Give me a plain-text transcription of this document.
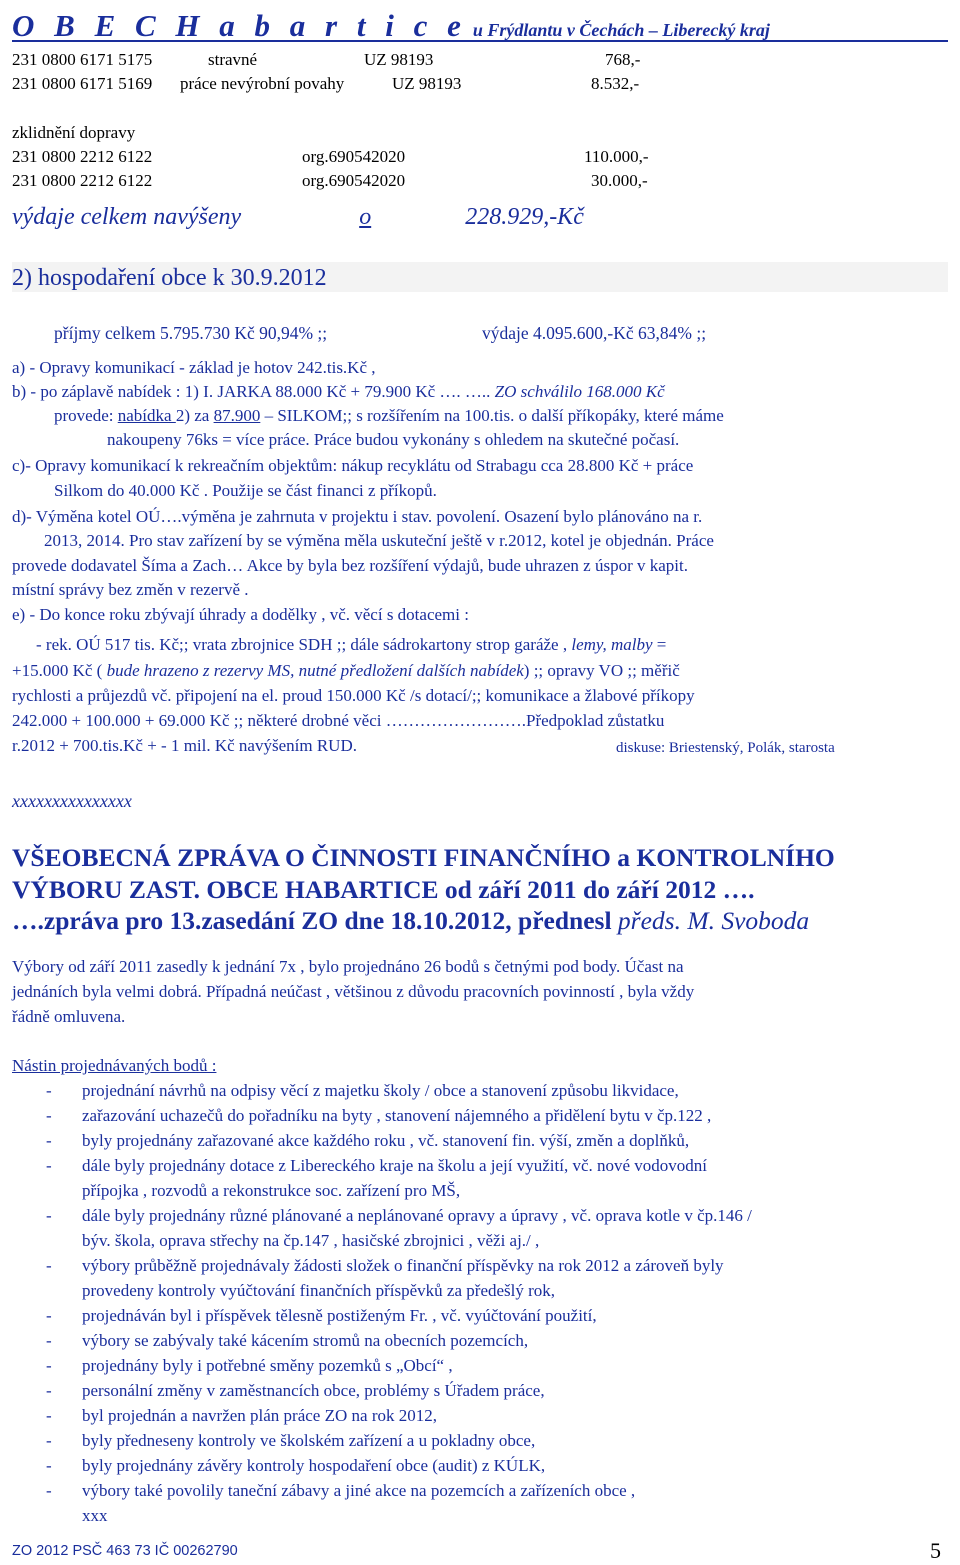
O B E C H a b a r t i c e u Frýdlantu v Čechách – Liberecký kraj
231 0800 6171 5175	stravné	UZ 98193	768,-
231 0800 6171 5169 práce nevýrobní povahy	UZ 98193	8.532,-
zklidnění dopravy
231 0800 2212 6122	org.690542020	110.000,-
231 0800 2212 6122	org.690542020	30.000,-
výdaje celkem navýšeny	o	228.929,-Kč
2) hospodaření obce k 30.9.2012
příjmy celkem 5.795.730 Kč 90,94% ;;	výdaje 4.095.600,-Kč 63,84% ;;
a) - Opravy komunikací - základ je hotov 242.tis.Kč ,
b) - po záplavě nabídek : 1) I. JARKA 88.000 Kč + 79.900 Kč …. ….. ZO schválilo 168.000 Kč
provede: nabídka 2) za 87.900 – SILKOM;; s rozšířením na 100.tis. o další příkopáky, které máme
nakoupeny 76ks = více práce. Práce budou vykonány s ohledem na skutečné počasí.
c)- Opravy komunikací k rekreačním objektům: nákup recyklátu od Strabagu cca 28.800 Kč + práce
Silkom do 40.000 Kč . Použije se část financi z příkopů.
d)- Výměna kotel OÚ….výměna je zahrnuta v projektu i stav. povolení. Osazení bylo plánováno na r.
2013, 2014. Pro stav zařízení by se výměna měla uskuteční ještě v r.2012, kotel je objednán. Práce
provede dodavatel Šíma a Zach… Akce by byla bez rozšíření výdajů, bude uhrazen z úspor v kapit.
místní správy bez změn v rezervě .
e) - Do konce roku zbývají úhrady a dodělky , vč. věcí s dotacemi :
- rek. OÚ 517 tis. Kč;; vrata zbrojnice SDH ;; dále sádrokartony strop garáže , lemy, malby =
+15.000 Kč ( bude hrazeno z rezervy MS, nutné předložení dalších nabídek) ;; opravy VO ;; měřič
rychlosti a průjezdů vč. připojení na el. proud 150.000 Kč /s dotací/;; komunikace a žlabové příkopy
242.000 + 100.000 + 69.000 Kč ;; některé drobné věci …………………….Předpoklad zůstatku
r.2012 + 700.tis.Kč + - 1 mil. Kč navýšením RUD.	diskuse: Briestenský, Polák, starosta
xxxxxxxxxxxxxxx
VŠEOBECNÁ ZPRÁVA O ČINNOSTI FINANČNÍHO a KONTROLNÍHO
VÝBORU ZAST. OBCE HABARTICE od září 2011 do září 2012 ….
….zpráva pro 13.zasedání ZO dne 18.10.2012, přednesl předs. M. Svoboda
Výbory od září 2011 zasedly k jednání 7x , bylo projednáno 26 bodů s četnými pod body. Účast na
jednáních byla velmi dobrá. Případná neúčast , většinou z důvodu pracovních povinností , byla vždy
řádně omluvena.
Nástin projednávaných bodů :
- projednání návrhů na odpisy věcí z majetku školy / obce a stanovení způsobu likvidace,
- zařazování uchazečů do pořadníku na byty , stanovení nájemného a přidělení bytu v čp.122 ,
- byly projednány zařazované akce každého roku , vč. stanovení fin. výší, změn a doplňků,
- dále byly projednány dotace z Libereckého kraje na školu a její využití, vč. nové vodovodní
přípojka , rozvodů a rekonstrukce soc. zařízení pro MŠ,
- dále byly projednány různé plánované a neplánované opravy a úpravy , vč. oprava kotle v čp.146 /
býv. škola, oprava střechy na čp.147 , hasičské zbrojnici , věži aj./ ,
- výbory průběžně projednávaly žádosti složek o finanční příspěvky na rok 2012 a zároveň byly
provedeny kontroly vyúčtování finančních příspěvků za předešlý rok,
- projednáván byl i příspěvek tělesně postiženým Fr. , vč. vyúčtování použití,
- výbory se zabývaly také kácením stromů na obecních pozemcích,
- projednány byly i potřebné směny pozemků s „Obcí“ ,
- personální změny v zaměstnancích obce, problémy s Úřadem práce,
- byl projednán a navržen plán práce ZO na rok 2012,
- byly předneseny kontroly ve školském zařízení a u pokladny obce,
- byly projednány závěry kontroly hospodaření obce (audit) z KÚLK,
- výbory také povolily taneční zábavy a jiné akce na pozemcích a zařízeních obce ,
xxx
ZO 2012 PSČ 463 73 IČ 00262790	5
